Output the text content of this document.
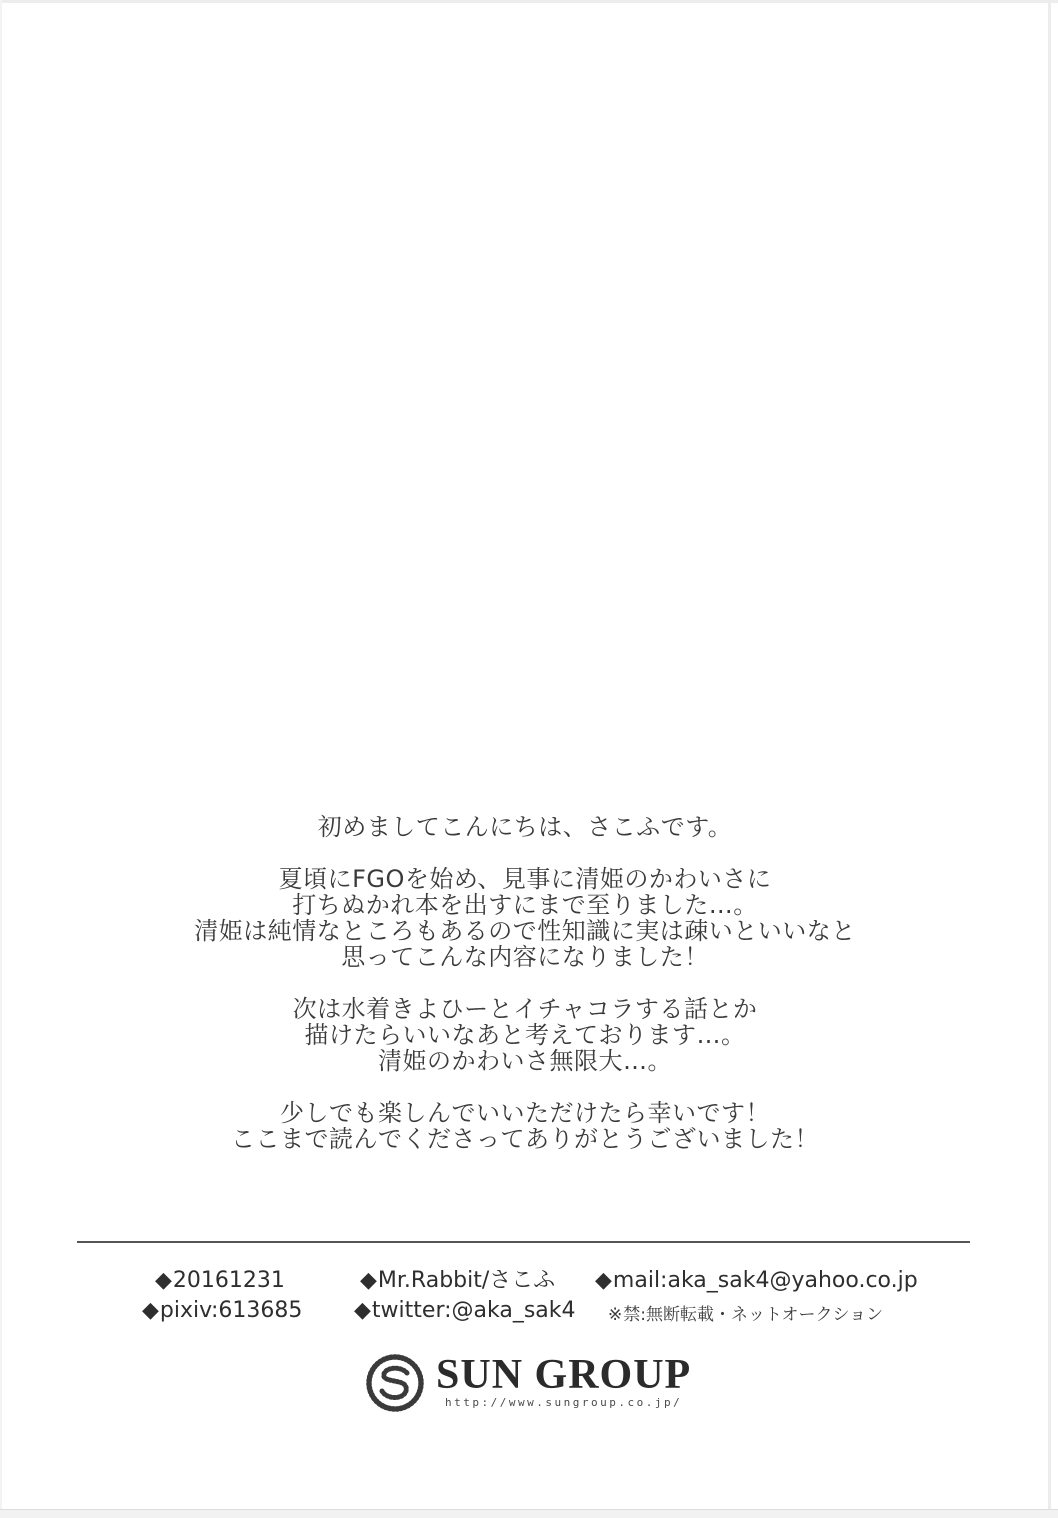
初めましてこんにちは、さこふです。
夏頃にFGOを始め、見事に清姫のかわいさに
打ちぬかれ本を出すにまで至りました…。
清姫は純情なところもあるので性知識に実は疎いといいなと
思ってこんな内容になりました！
次は水着きよひーとイチャコラする話とか
描けたらいいなあと考えております…。
清姫のかわいさ無限大…。
少しでも楽しんでいいただけたら幸いです！
ここまで読んでくださってありがとうございました！
◆20161231	◆Mr.Rabbit/さこふ ◆mail:aka_sak4@yahoo.co.jp
◆pixiv:613685 ◆twitter:@aka_sak4 ※禁:無断転載・ネットオークション
SUN GROUP
http://www.sungroup.co.jp/
